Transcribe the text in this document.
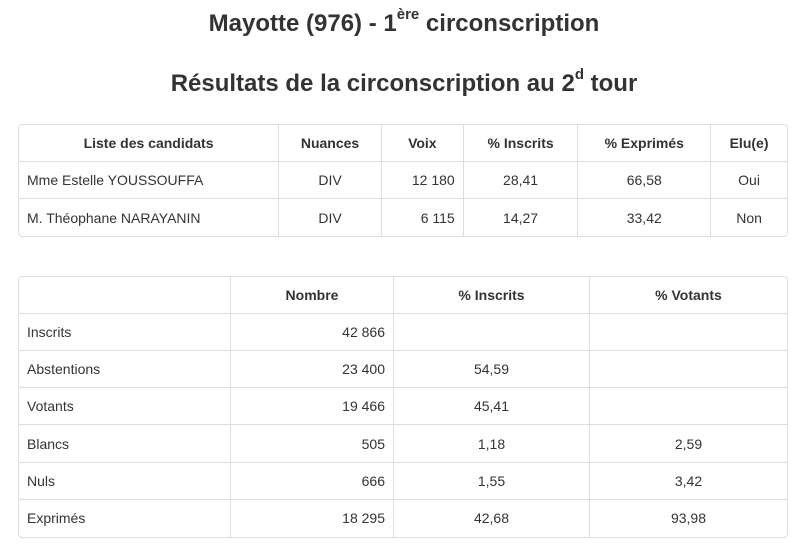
Mayotte (976) - 1ère circonscription
Résultats de la circonscription au 2$^d$ tour
Liste des candidats	Nuances	Voix	% Inscrits	% Exprimés	Elu(e)
Mme Estelle YOUSSOUFFA	DIV	12 180	28,41	66,58	Oui
M. Théophane NARAYANIN	DIV	6 115	14,27	33,42	Non
	Nombre	% Inscrits	% Votants
Inscrits	42 866		
Abstentions	23 400	54,59	
Votants	19 466	45,41	
Blancs	505	1,18	2,59
Nuls	666	1,55	3,42
Exprimés	18 295	42,68	93,98
